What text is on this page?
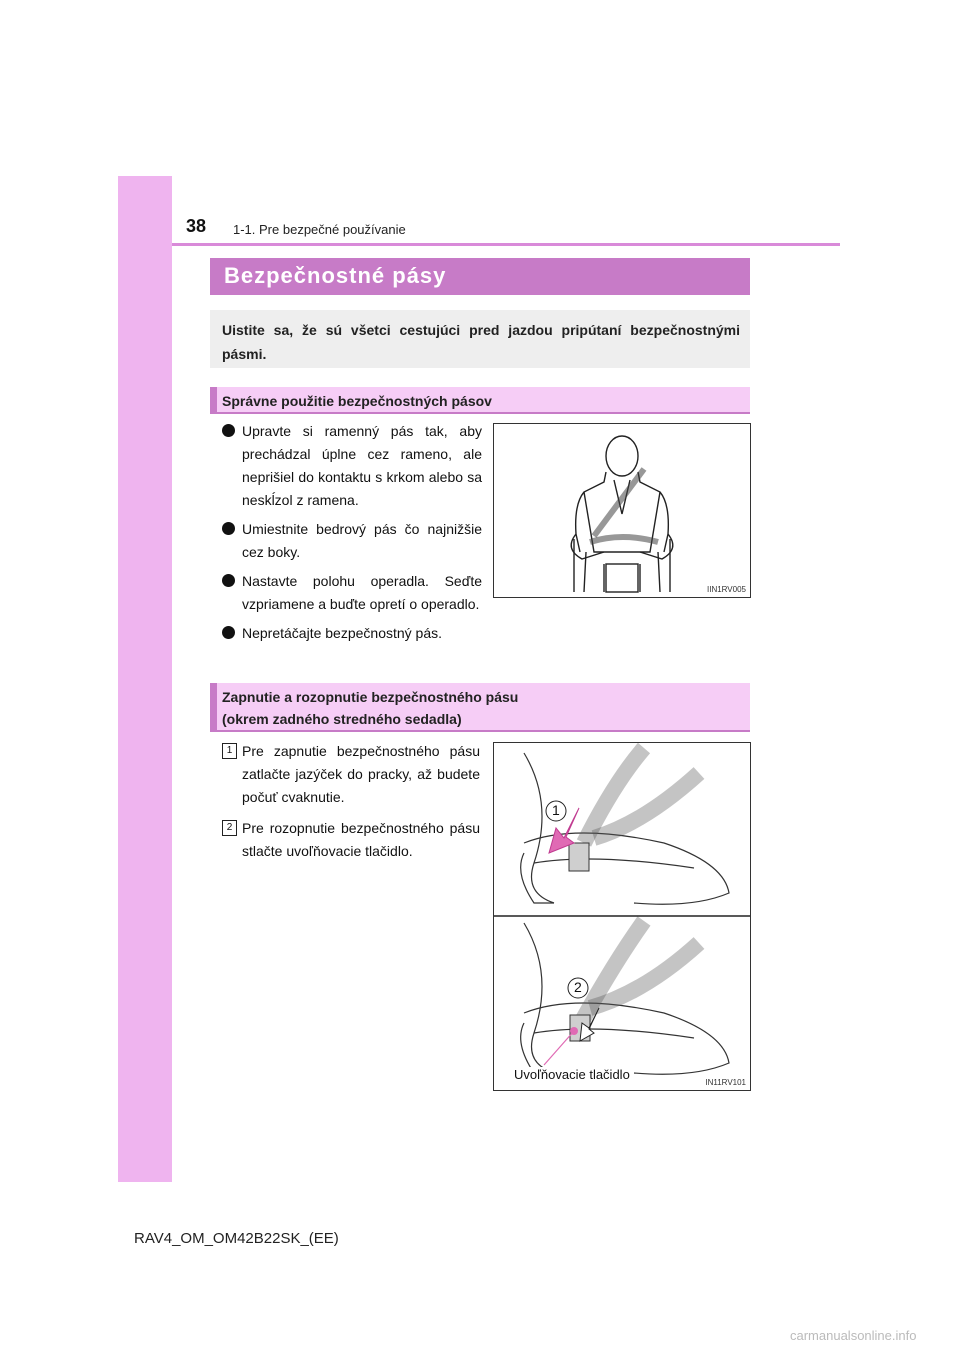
38 1-1. Pre bezpečné používanie
Bezpečnostné pásy
Uistite sa, že sú všetci cestujúci pred jazdou pripútaní bezpečnostnými pásmi.
Správne použitie bezpečnostných pásov
Upravte si ramenný pás tak, aby prechádzal úplne cez rameno, ale neprišiel do kontaktu s krkom alebo sa neskĺzol z ramena.
Umiestnite bedrový pás čo najnižšie cez boky.
Nastavte polohu operadla. Seďte vzpriamene a buďte opretí o operadlo.
Nepretáčajte bezpečnostný pás.
IIN1RV005
Zapnutie a rozopnutie bezpečnostného pásu
(okrem zadného stredného sedadla)
1 Pre zapnutie bezpečnostného pásu zatlačte jazýček do pracky, až budete počuť cvaknutie.
2 Pre rozopnutie bezpečnostného pásu stlačte uvoľňovacie tlačidlo.
1
2
Uvoľňovacie tlačidlo
IN11RV101
RAV4_OM_OM42B22SK_(EE)
carmanualsonline.info
